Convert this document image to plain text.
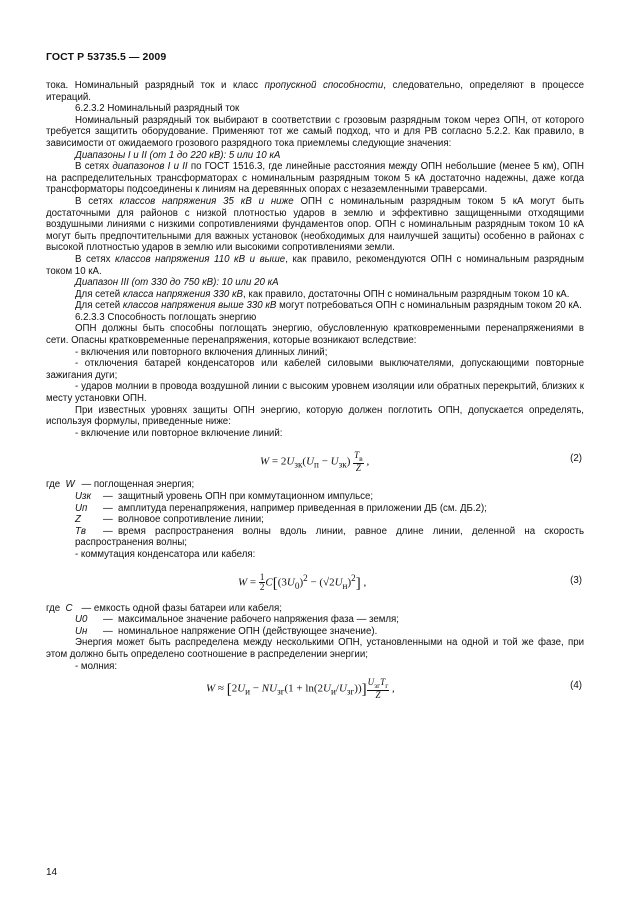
ГОСТ Р 53735.5 — 2009

тока. Номинальный разрядный ток и класс пропускной способности, следовательно, определяют в процессе итераций.

6.2.3.2 Номинальный разрядный ток

Номинальный разрядный ток выбирают в соответствии с грозовым разрядным током через ОПН, от которого требуется защитить оборудование. Применяют тот же самый подход, что и для РВ согласно 5.2.2. Как правило, в зависимости от ожидаемого грозового разрядного тока приемлемы следующие значения:

Диапазоны I и II (от 1 до 220 кВ): 5 или 10 кА

В сетях диапазонов I и II по ГОСТ 1516.3, где линейные расстояния между ОПН небольшие (менее 5 км), ОПН на распределительных трансформаторах с номинальным разрядным током 5 кА достаточно надежны, даже когда трансформаторы подсоединены к линиям на деревянных опорах с незаземленными траверсами.

В сетях классов напряжения 35 кВ и ниже ОПН с номинальным разрядным током 5 кА могут быть достаточными для районов с низкой плотностью ударов в землю и эффективно защищенными отходящими воздушными линиями с низкими сопротивлениями фундаментов опор. ОПН с номинальным разрядным током 10 кА могут быть предпочтительными для важных установок (необходимых для наилучшей защиты) особенно в районах с высокой плотностью ударов в землю или высокими сопротивлениями земли.

В сетях классов напряжения 110 кВ и выше, как правило, рекомендуются ОПН с номинальным разрядным током 10 кА.

Диапазон III (от 330 до 750 кВ): 10 или 20 кА

Для сетей класса напряжения 330 кВ, как правило, достаточны ОПН с номинальным разрядным током 10 кА.

Для сетей классов напряжения выше 330 кВ могут потребоваться ОПН с номинальным разрядным током 20 кА.

6.2.3.3 Способность поглощать энергию

ОПН должны быть способны поглощать энергию, обусловленную кратковременными перенапряжениями в сети. Опасны кратковременные перенапряжения, которые возникают вследствие:

- включения или повторного включения длинных линий;

- отключения батарей конденсаторов или кабелей силовыми выключателями, допускающими повторные зажигания дуги;

- ударов молнии в провода воздушной линии с высоким уровнем изоляции или обратных перекрытий, близких к месту установки ОПН.

При известных уровнях защиты ОПН энергию, которую должен поглотить ОПН, допускается определять, используя формулы, приведенные ниже:

- включение или повторное включение линий:

$W = 2U_{зк}(U_п - U_{зк}) \frac{T_в}{Z}$ ,	(2)

где W — поглощенная энергия;

Uзк — защитный уровень ОПН при коммутационном импульсе;

Uп — амплитуда перенапряжения, например приведенная в приложении ДБ (см. ДБ.2);

Z — волновое сопротивление линии;

Tв — время распространения волны вдоль линии, равное длине линии, деленной на скорость распространения волны;

- коммутация конденсатора или кабеля:

$W = \frac{1}{2} C[(3U_0)^2 - (√2U_н)^2]$ ,	(3)

где C — емкость одной фазы батареи или кабеля;

U0 — максимальное значение рабочего напряжения фаза — земля;

Uн — номинальное напряжение ОПН (действующее значение).

Энергия может быть распределена между несколькими ОПН, установленными на одной и той же фазе, при этом должно быть определено соотношение в распределении энергии;

- молния:

$W \approx [2U_и - NU_{зг}(1 + \ln(2U_и/U_{зг}))] \frac{U_{зг}T_г}{Z}$ ,	(4)
14
